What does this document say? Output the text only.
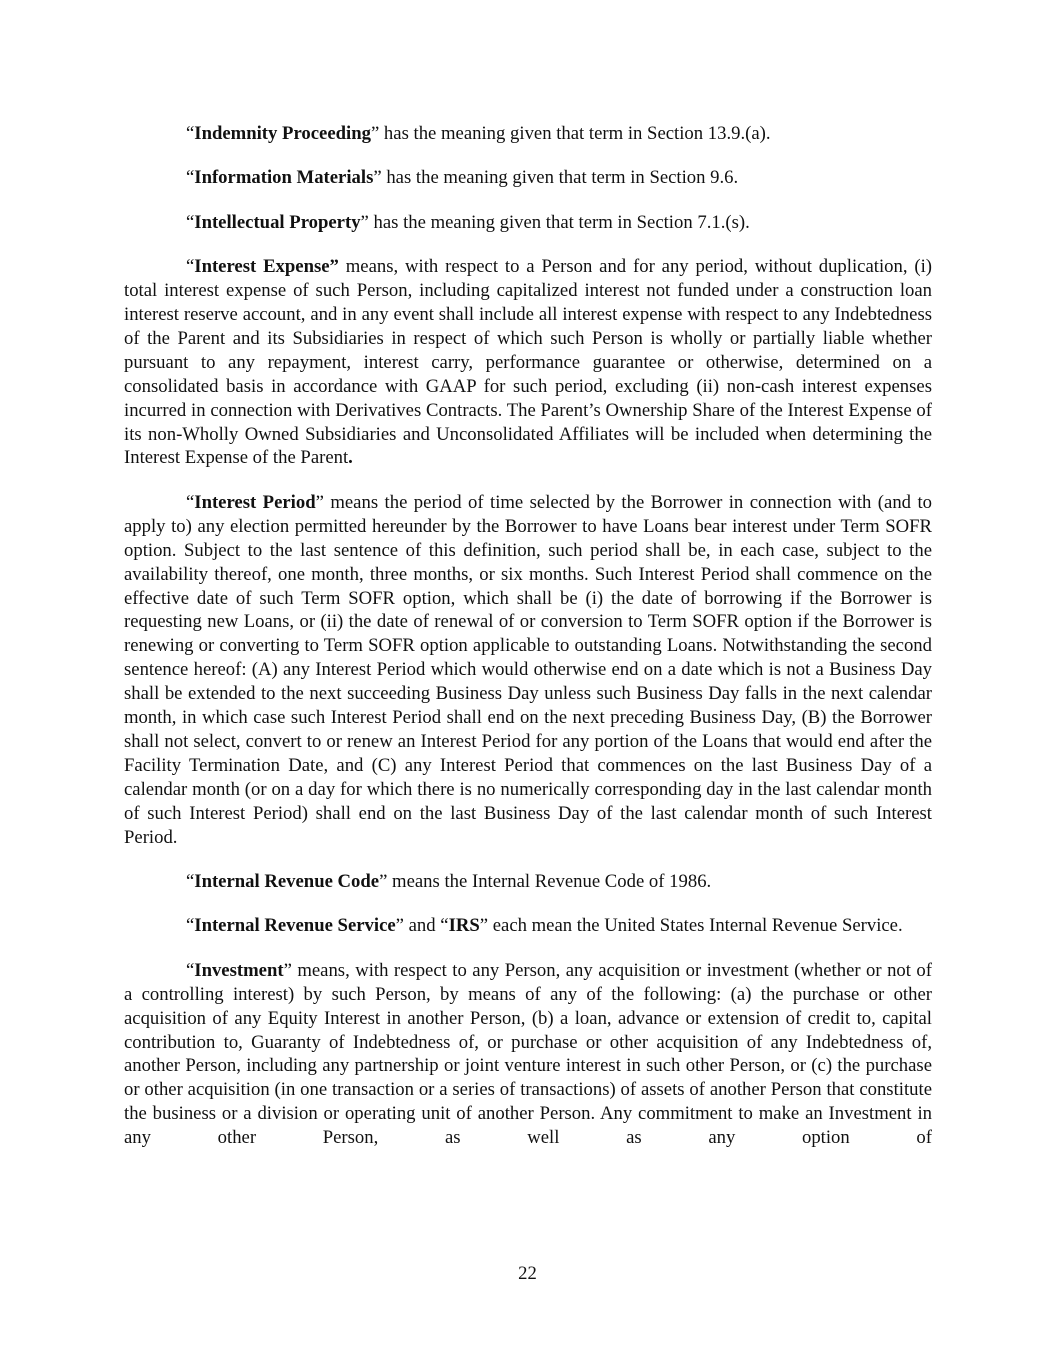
“Indemnity Proceeding” has the meaning given that term in Section 13.9.(a).

“Information Materials” has the meaning given that term in Section 9.6.

“Intellectual Property” has the meaning given that term in Section 7.1.(s).

“Interest Expense” means, with respect to a Person and for any period, without duplication, (i) total interest expense of such Person, including capitalized interest not funded under a construction loan interest reserve account, and in any event shall include all interest expense with respect to any Indebtedness of the Parent and its Subsidiaries in respect of which such Person is wholly or partially liable whether pursuant to any repayment, interest carry, performance guarantee or otherwise, determined on a consolidated basis in accordance with GAAP for such period, excluding (ii) non-cash interest expenses incurred in connection with Derivatives Contracts. The Parent’s Ownership Share of the Interest Expense of its non-Wholly Owned Subsidiaries and Unconsolidated Affiliates will be included when determining the Interest Expense of the Parent.

“Interest Period” means the period of time selected by the Borrower in connection with (and to apply to) any election permitted hereunder by the Borrower to have Loans bear interest under Term SOFR option. Subject to the last sentence of this definition, such period shall be, in each case, subject to the availability thereof, one month, three months, or six months. Such Interest Period shall commence on the effective date of such Term SOFR option, which shall be (i) the date of borrowing if the Borrower is requesting new Loans, or (ii) the date of renewal of or conversion to Term SOFR option if the Borrower is renewing or converting to Term SOFR option applicable to outstanding Loans. Notwithstanding the second sentence hereof: (A) any Interest Period which would otherwise end on a date which is not a Business Day shall be extended to the next succeeding Business Day unless such Business Day falls in the next calendar month, in which case such Interest Period shall end on the next preceding Business Day, (B) the Borrower shall not select, convert to or renew an Interest Period for any portion of the Loans that would end after the Facility Termination Date, and (C) any Interest Period that commences on the last Business Day of a calendar month (or on a day for which there is no numerically corresponding day in the last calendar month of such Interest Period) shall end on the last Business Day of the last calendar month of such Interest Period.

“Internal Revenue Code” means the Internal Revenue Code of 1986.

“Internal Revenue Service” and “IRS” each mean the United States Internal Revenue Service.

“Investment” means, with respect to any Person, any acquisition or investment (whether or not of a controlling interest) by such Person, by means of any of the following: (a) the purchase or other acquisition of any Equity Interest in another Person, (b) a loan, advance or extension of credit to, capital contribution to, Guaranty of Indebtedness of, or purchase or other acquisition of any Indebtedness of, another Person, including any partnership or joint venture interest in such other Person, or (c) the purchase or other acquisition (in one transaction or a series of transactions) of assets of another Person that constitute the business or a division or operating unit of another Person. Any commitment to make an Investment in any other Person, as well as any option of

22
